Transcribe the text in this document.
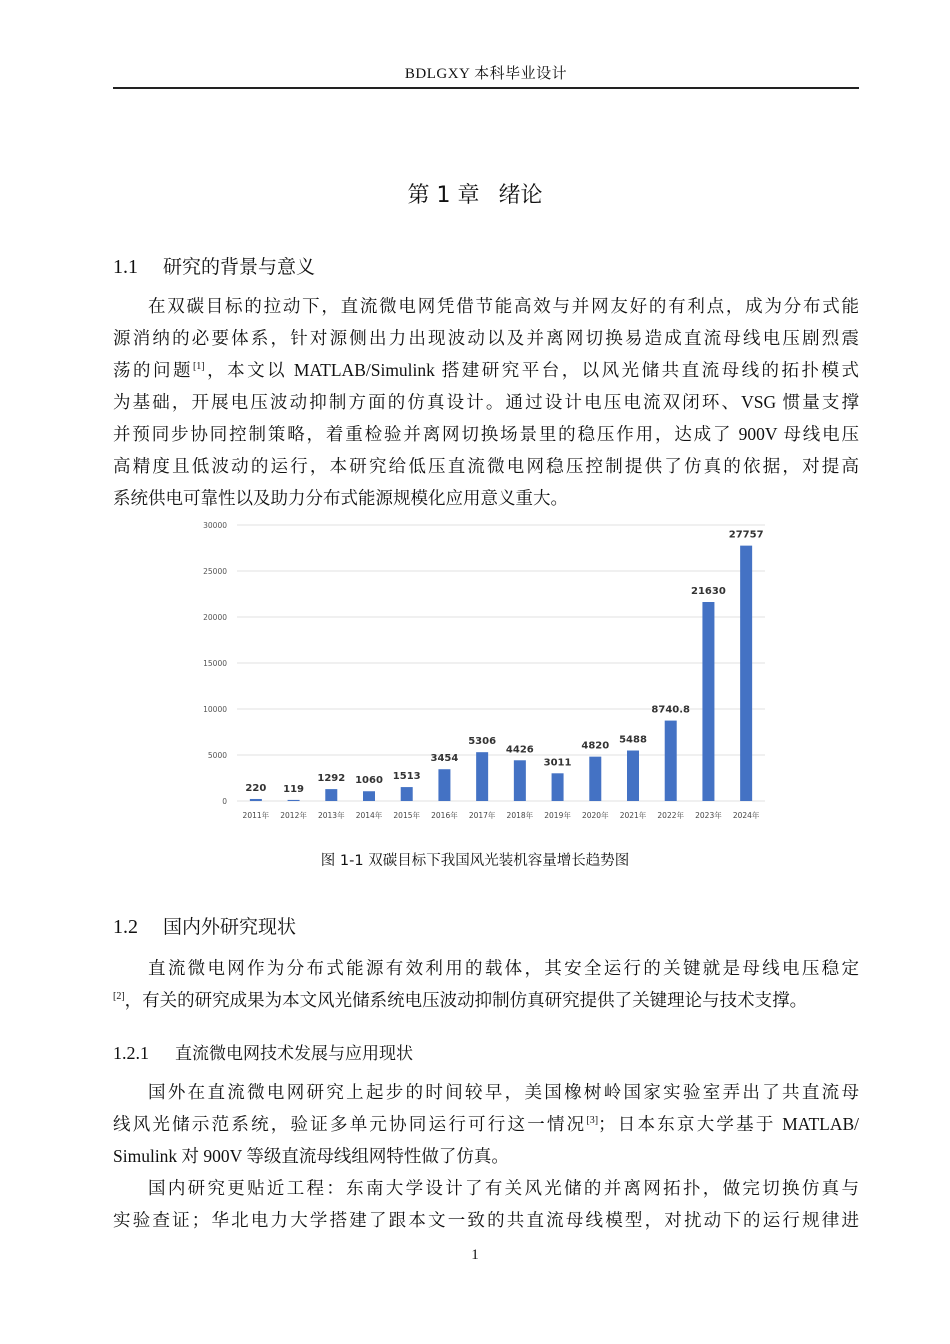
BDLGXY 本科毕业设计
第 1 章 绪论
1.1 研究的背景与意义
在双碳目标的拉动下，直流微电网凭借节能高效与并网友好的有利点，成为分布式能
源消纳的必要体系，针对源侧出力出现波动以及并离网切换易造成直流母线电压剧烈震
荡的问题[1]，本文以 MATLAB/Simulink 搭建研究平台，以风光储共直流母线的拓扑模式
为基础，开展电压波动抑制方面的仿真设计。通过设计电压电流双闭环、VSG 惯量支撑
并预同步协同控制策略，着重检验并离网切换场景里的稳压作用，达成了 900V 母线电压
高精度且低波动的运行，本研究给低压直流微电网稳压控制提供了仿真的依据，对提高
系统供电可靠性以及助力分布式能源规模化应用意义重大。
0
5000
10000
15000
20000
25000
30000
220 119
1292 1060 1513
3454
5306
4426
3011
4820
5488
8740.8
21630
27757
2011年 2012年 2013年 2014年 2015年 2016年 2017年 2018年 2019年 2020年 2021年 2022年 2023年 2024年
图 1-1 双碳目标下我国风光装机容量增长趋势图
1.2 国内外研究现状
直流微电网作为分布式能源有效利用的载体，其安全运行的关键就是母线电压稳定
[2]，有关的研究成果为本文风光储系统电压波动抑制仿真研究提供了关键理论与技术支撑。
1.2.1 直流微电网技术发展与应用现状
国外在直流微电网研究上起步的时间较早，美国橡树岭国家实验室弄出了共直流母
线风光储示范系统，验证多单元协同运行可行这一情况[3]；日本东京大学基于 MATLAB/
Simulink 对 900V 等级直流母线组网特性做了仿真。
国内研究更贴近工程：东南大学设计了有关风光储的并离网拓扑，做完切换仿真与
实验查证；华北电力大学搭建了跟本文一致的共直流母线模型，对扰动下的运行规律进
1
